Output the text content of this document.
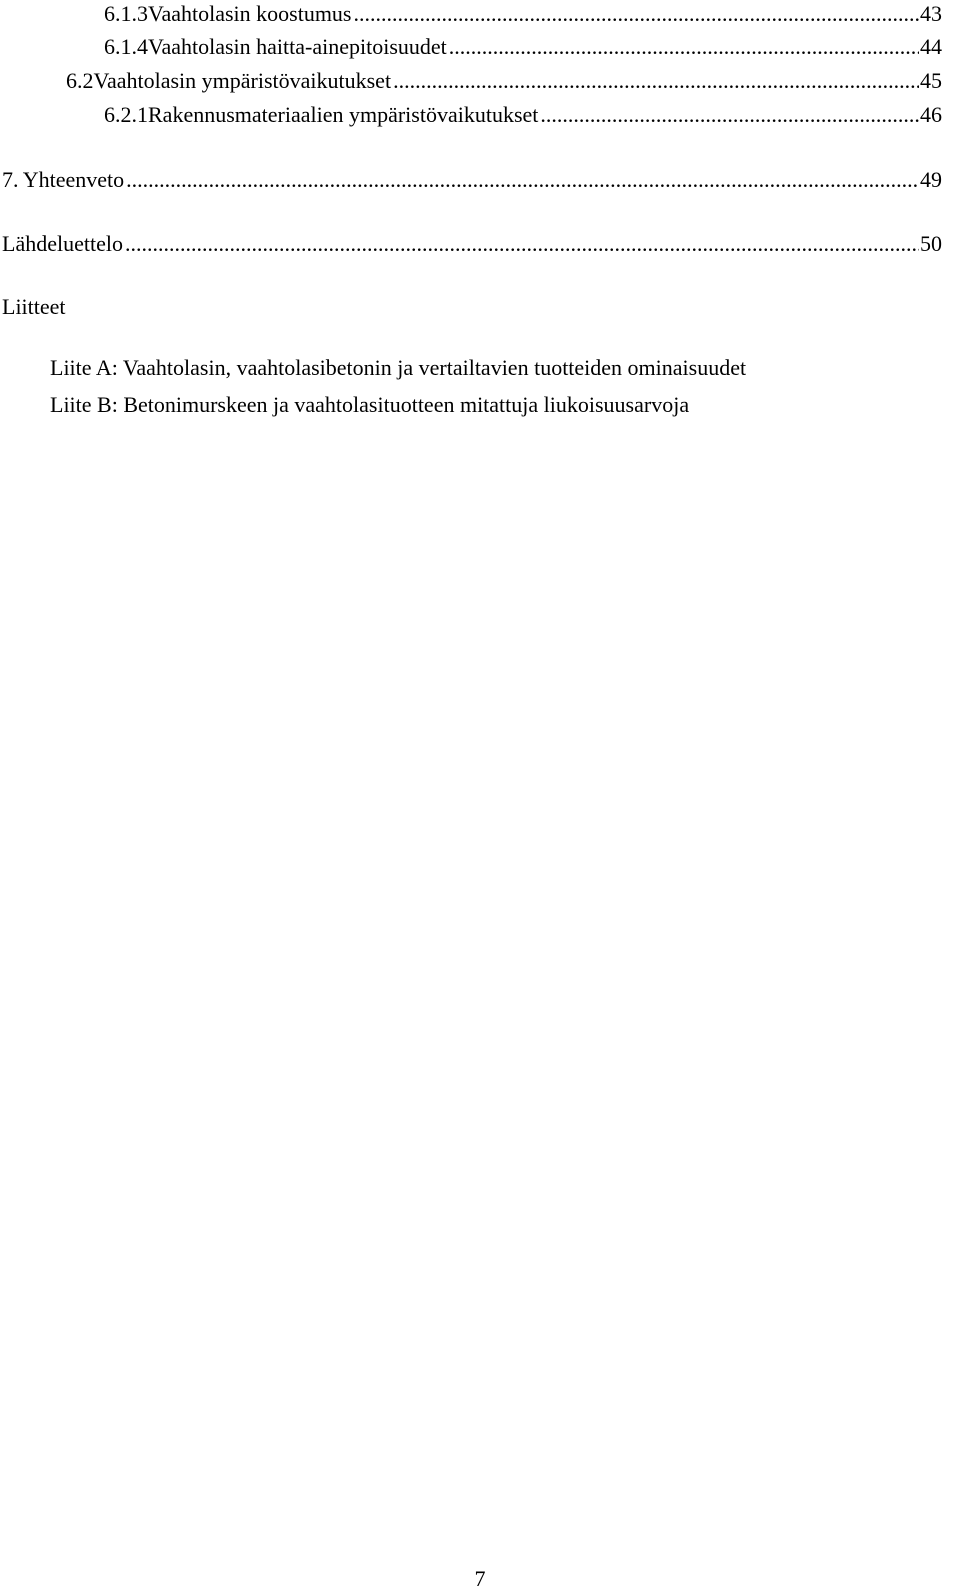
6.1.3 Vaahtolasin koostumus .....	43
6.1.4 Vaahtolasin haitta-ainepitoisuudet .....	44
6.2 Vaahtolasin ympäristövaikutukset .....	45
6.2.1 Rakennusmateriaalien ympäristövaikutukset .....	46
7. Yhteenveto .....	49
Lähdeluettelo .....	50
Liitteet
Liite A: Vaahtolasin, vaahtolasibetonin ja vertailtavien tuotteiden ominaisuudet
Liite B: Betonimurskeen ja vaahtolasituotteen mitattuja liukoisuusarvoja
7
